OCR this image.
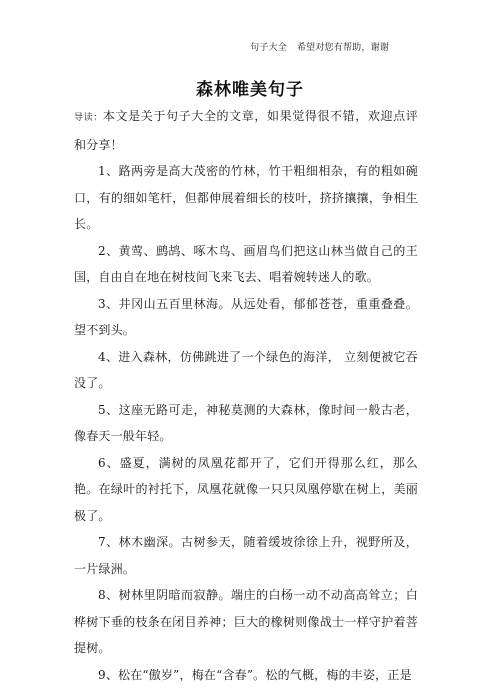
句子大全 希望对您有帮助，谢谢
森林唯美句子

导读：本文是关于句子大全的文章，如果觉得很不错，欢迎点评和分享！

1、路两旁是高大茂密的竹林，竹干粗细相杂，有的粗如碗口，有的细如笔杆，但都伸展着细长的枝叶，挤挤攘攘，争相生长。

2、黄莺、鹧鸪、啄木鸟、画眉鸟们把这山林当做自己的王国，自由自在地在树枝间飞来飞去、唱着婉转迷人的歌。

3、井冈山五百里林海。从远处看，郁郁苍苍，重重叠叠。望不到头。

4、进入森林，仿佛跳进了一个绿色的海洋， 立刻便被它吞没了。

5、这座无路可走，神秘莫测的大森林，像时间一般古老，像春天一般年轻。

6、盛夏，满树的凤凰花都开了，它们开得那么红，那么艳。在绿叶的衬托下，凤凰花就像一只只凤凰停歇在树上，美丽极了。

7、林木幽深。古树参天，随着缓坡徐徐上升，视野所及，一片绿洲。

8、树林里阴暗而寂静。端庄的白杨一动不动高高耸立；白桦树下垂的枝条在闭目养神；巨大的橡树则像战士一样守护着菩提树。

9、松在“傲岁”，梅在“含春”。松的气概，梅的丰姿，正是
